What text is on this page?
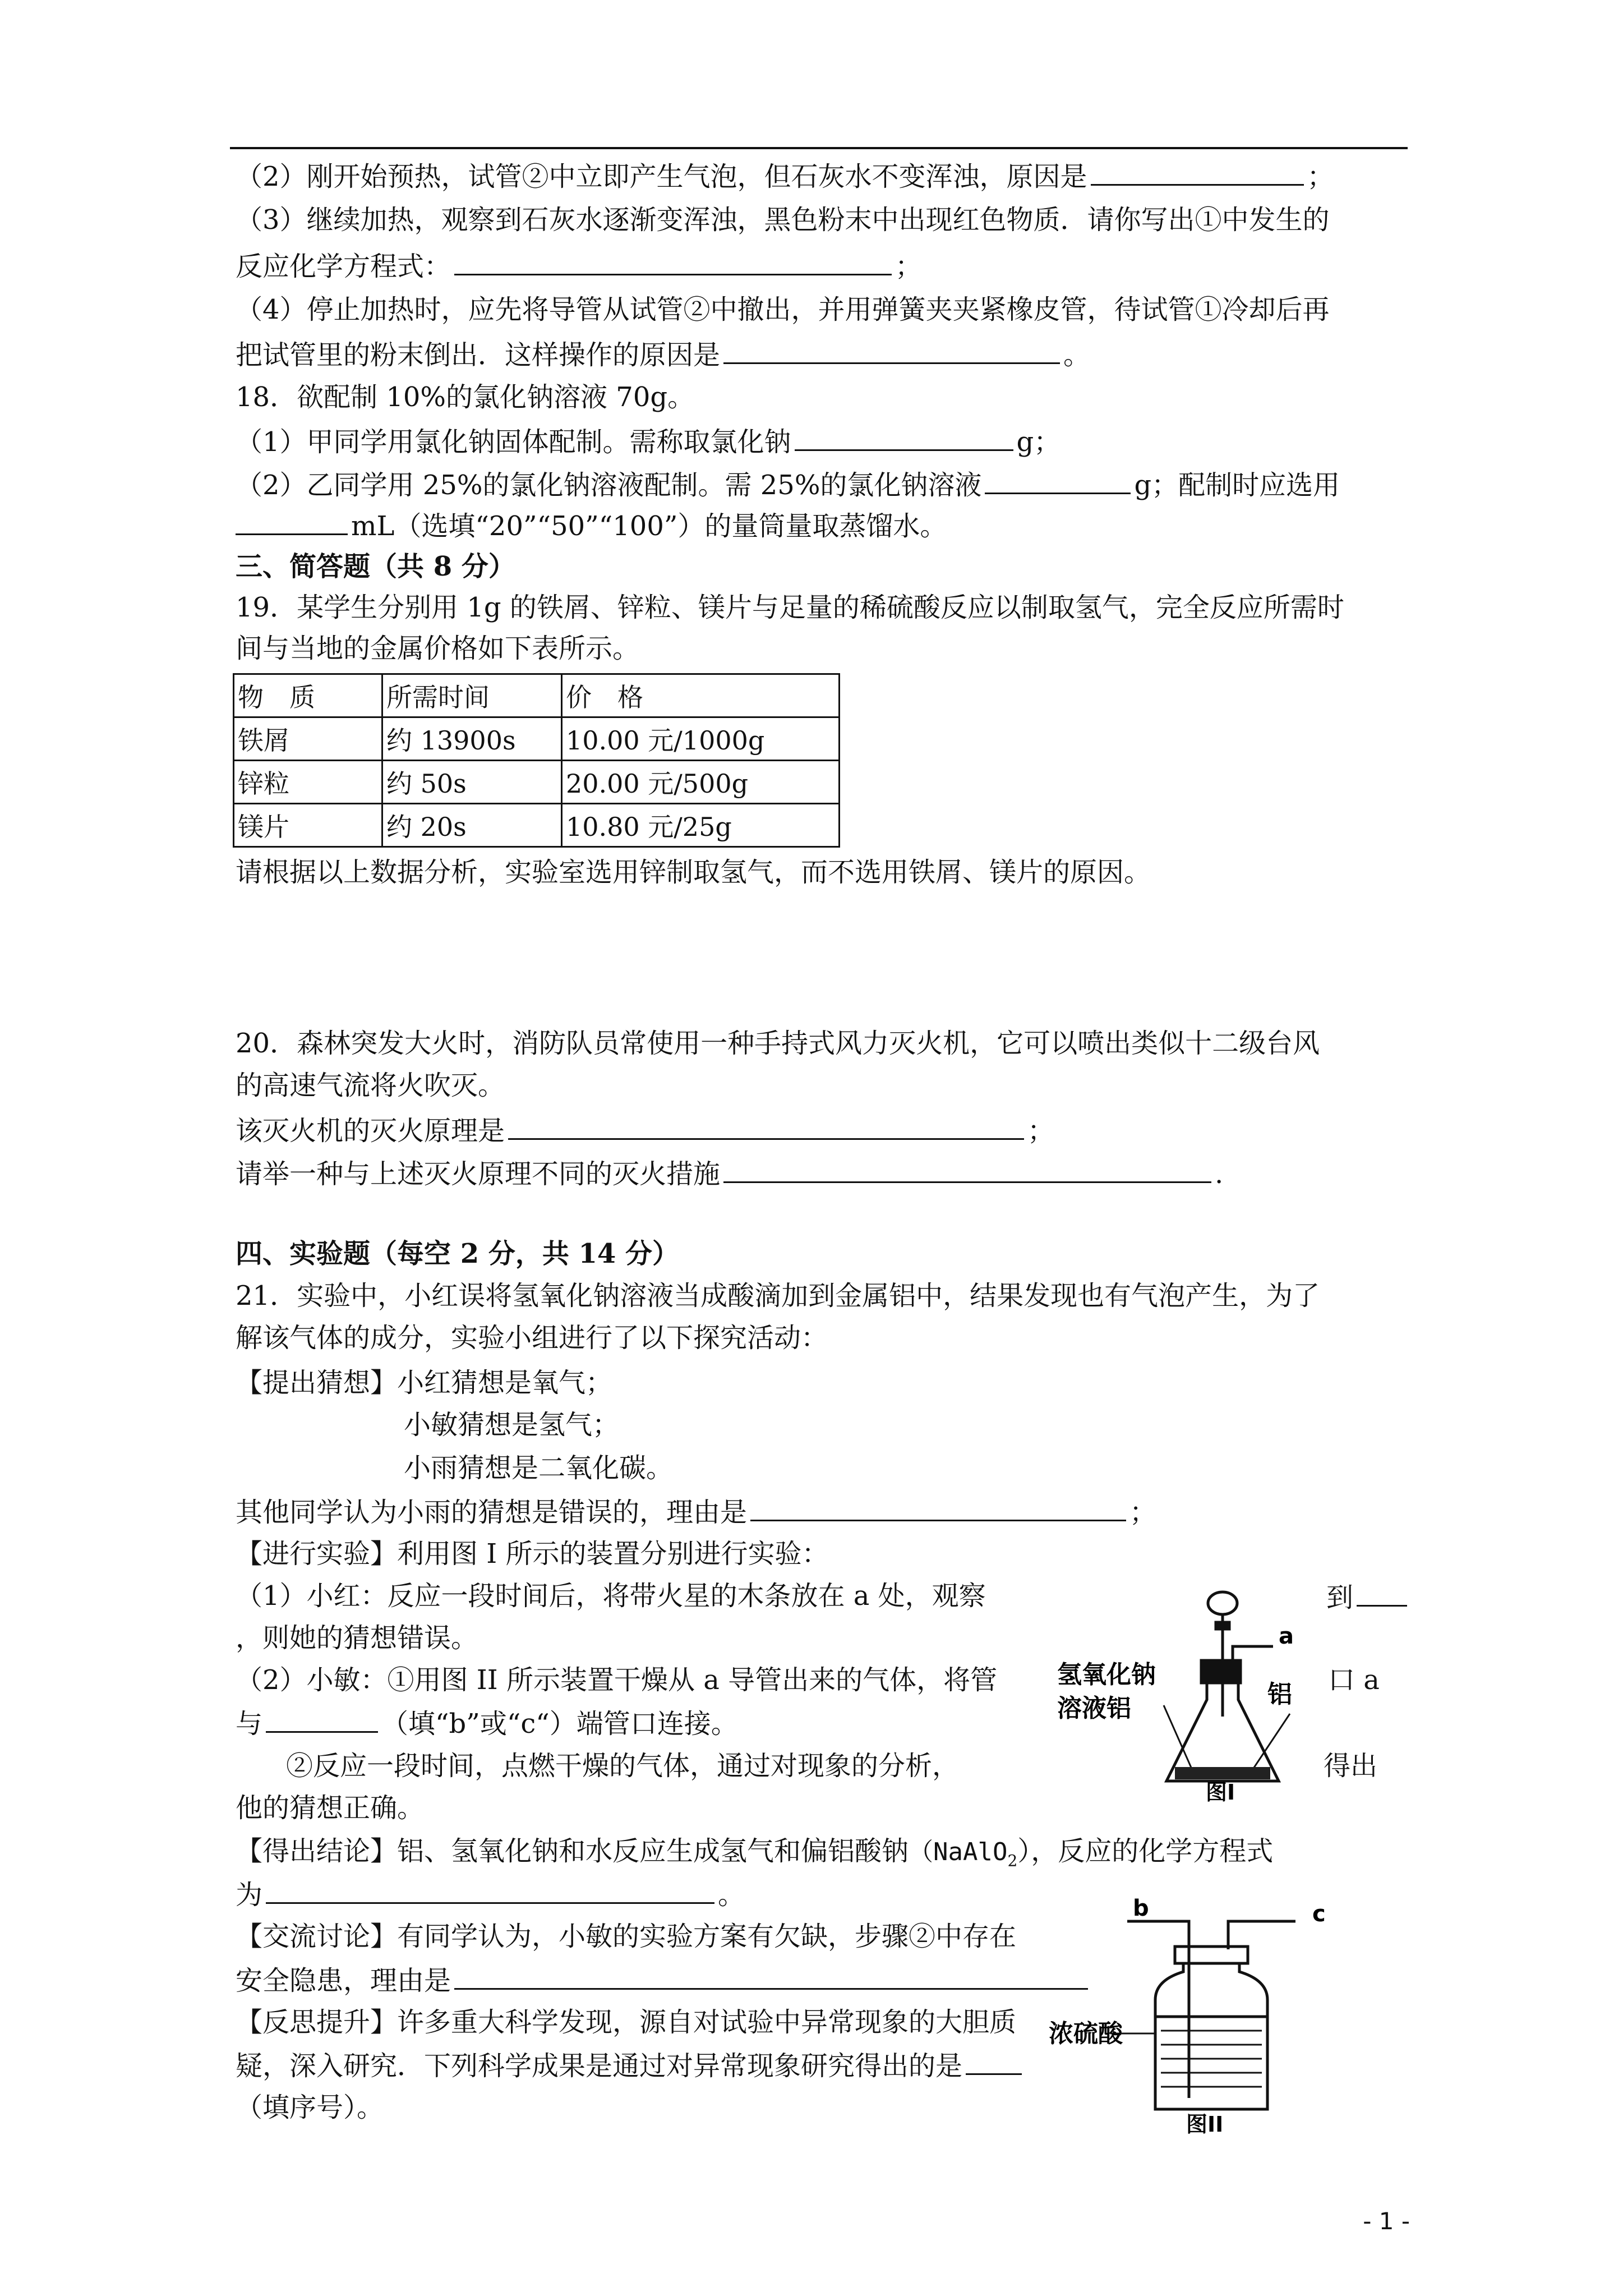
（2）刚开始预热，试管②中立即产生气泡，但石灰水不变浑浊，原因是	；
（3）继续加热，观察到石灰水逐渐变浑浊，黑色粉末中出现红色物质．请你写出①中发生的
反应化学方程式：	；
（4）停止加热时，应先将导管从试管②中撤出，并用弹簧夹夹紧橡皮管，待试管①冷却后再
把试管里的粉末倒出．这样操作的原因是	。
18．欲配制 10%的氯化钠溶液 70g。
（1）甲同学用氯化钠固体配制。需称取氯化钠	g；
（2）乙同学用 25%的氯化钠溶液配制。需 25%的氯化钠溶液	g；配制时应选用
mL（选填“20”“50”“100”）的量筒量取蒸馏水。
三、简答题（共 8 分）
19．某学生分别用 1g 的铁屑、锌粒、镁片与足量的稀硫酸反应以制取氢气，完全反应所需时
间与当地的金属价格如下表所示。
物　质	所需时间	价　格
铁屑	约 13900s	10.00 元/1000g
锌粒	约 50s	20.00 元/500g
镁片	约 20s	10.80 元/25g
请根据以上数据分析，实验室选用锌制取氢气，而不选用铁屑、镁片的原因。
20．森林突发大火时，消防队员常使用一种手持式风力灭火机，它可以喷出类似十二级台风
的高速气流将火吹灭。
该灭火机的灭火原理是	；
请举一种与上述灭火原理不同的灭火措施	.
四、实验题（每空 2 分，共 14 分）
21．实验中，小红误将氢氧化钠溶液当成酸滴加到金属铝中，结果发现也有气泡产生，为了
解该气体的成分，实验小组进行了以下探究活动：
【提出猜想】小红猜想是氧气；
小敏猜想是氢气；
小雨猜想是二氧化碳。
其他同学认为小雨的猜想是错误的，理由是	；
【进行实验】利用图 I 所示的装置分别进行实验：
（1）小红：反应一段时间后，将带火星的木条放在 a 处，观察	到
，则她的猜想错误。
（2）小敏：①用图 II 所示装置干燥从 a 导管出来的气体，将管	口 a
与	（填“b”或“c“）端管口连接。
②反应一段时间，点燃干燥的气体，通过对现象的分析，	得出
他的猜想正确。
【得出结论】铝、氢氧化钠和水反应生成氢气和偏铝酸钠（NaAlO$_2$），反应的化学方程式
为	。
【交流讨论】有同学认为，小敏的实验方案有欠缺，步骤②中存在
安全隐患，理由是
【反思提升】许多重大科学发现，源自对试验中异常现象的大胆质
疑，深入研究．下列科学成果是通过对异常现象研究得出的是
（填序号）。
a
氢氧化钠
溶液铝	铝
图I
b	c
浓硫酸
图II
- 1 -
